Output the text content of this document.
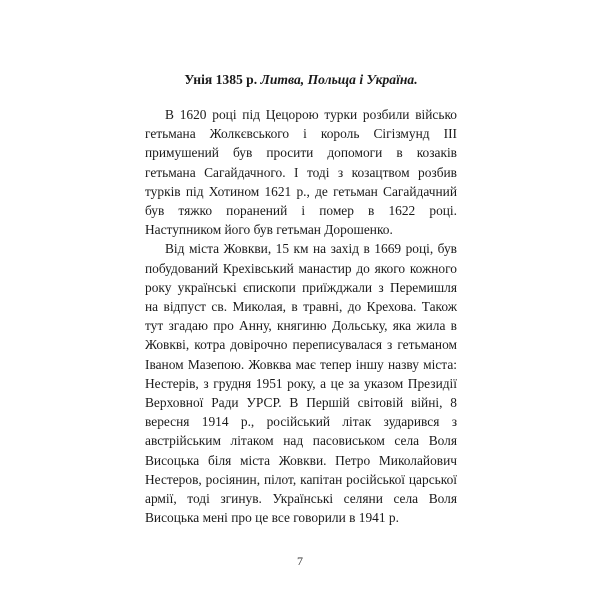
Унія 1385 р. Литва, Польща і Україна.

В 1620 році під Цецорою турки розбили військо гетьмана Жолкєвського і король Сігізмунд ІІІ примушений був просити допомоги в козаків гетьмана Сагайдачного. І тоді з козацтвом розбив турків під Хотином 1621 р., де гетьман Сагайдачний був тяжко поранений і помер в 1622 році. Наступником його був гетьман Дорошенко.

Від міста Жовкви, 15 км на захід в 1669 році, був побудований Крехівський манастир до якого кожного року українські єпископи приїжджали з Перемишля на відпуст св. Миколая, в травні, до Крехова. Також тут згадаю про Анну, княгиню Дольську, яка жила в Жовкві, котра довірочно переписувалася з гетьманом Іваном Мазепою. Жовква має тепер іншу назву міста: Нестерів, з грудня 1951 року, а це за указом Президії Верховної Ради УРСР. В Першій світовій війні, 8 вересня 1914 р., російський літак зударився з австрійським літаком над пасовиськом села Воля Висоцька біля міста Жовкви. Петро Миколайович Нестеров, росіянин, пілот, капітан російської царської армії, тоді згинув. Українські селяни села Воля Висоцька мені про це все говорили в 1941 р.

7
